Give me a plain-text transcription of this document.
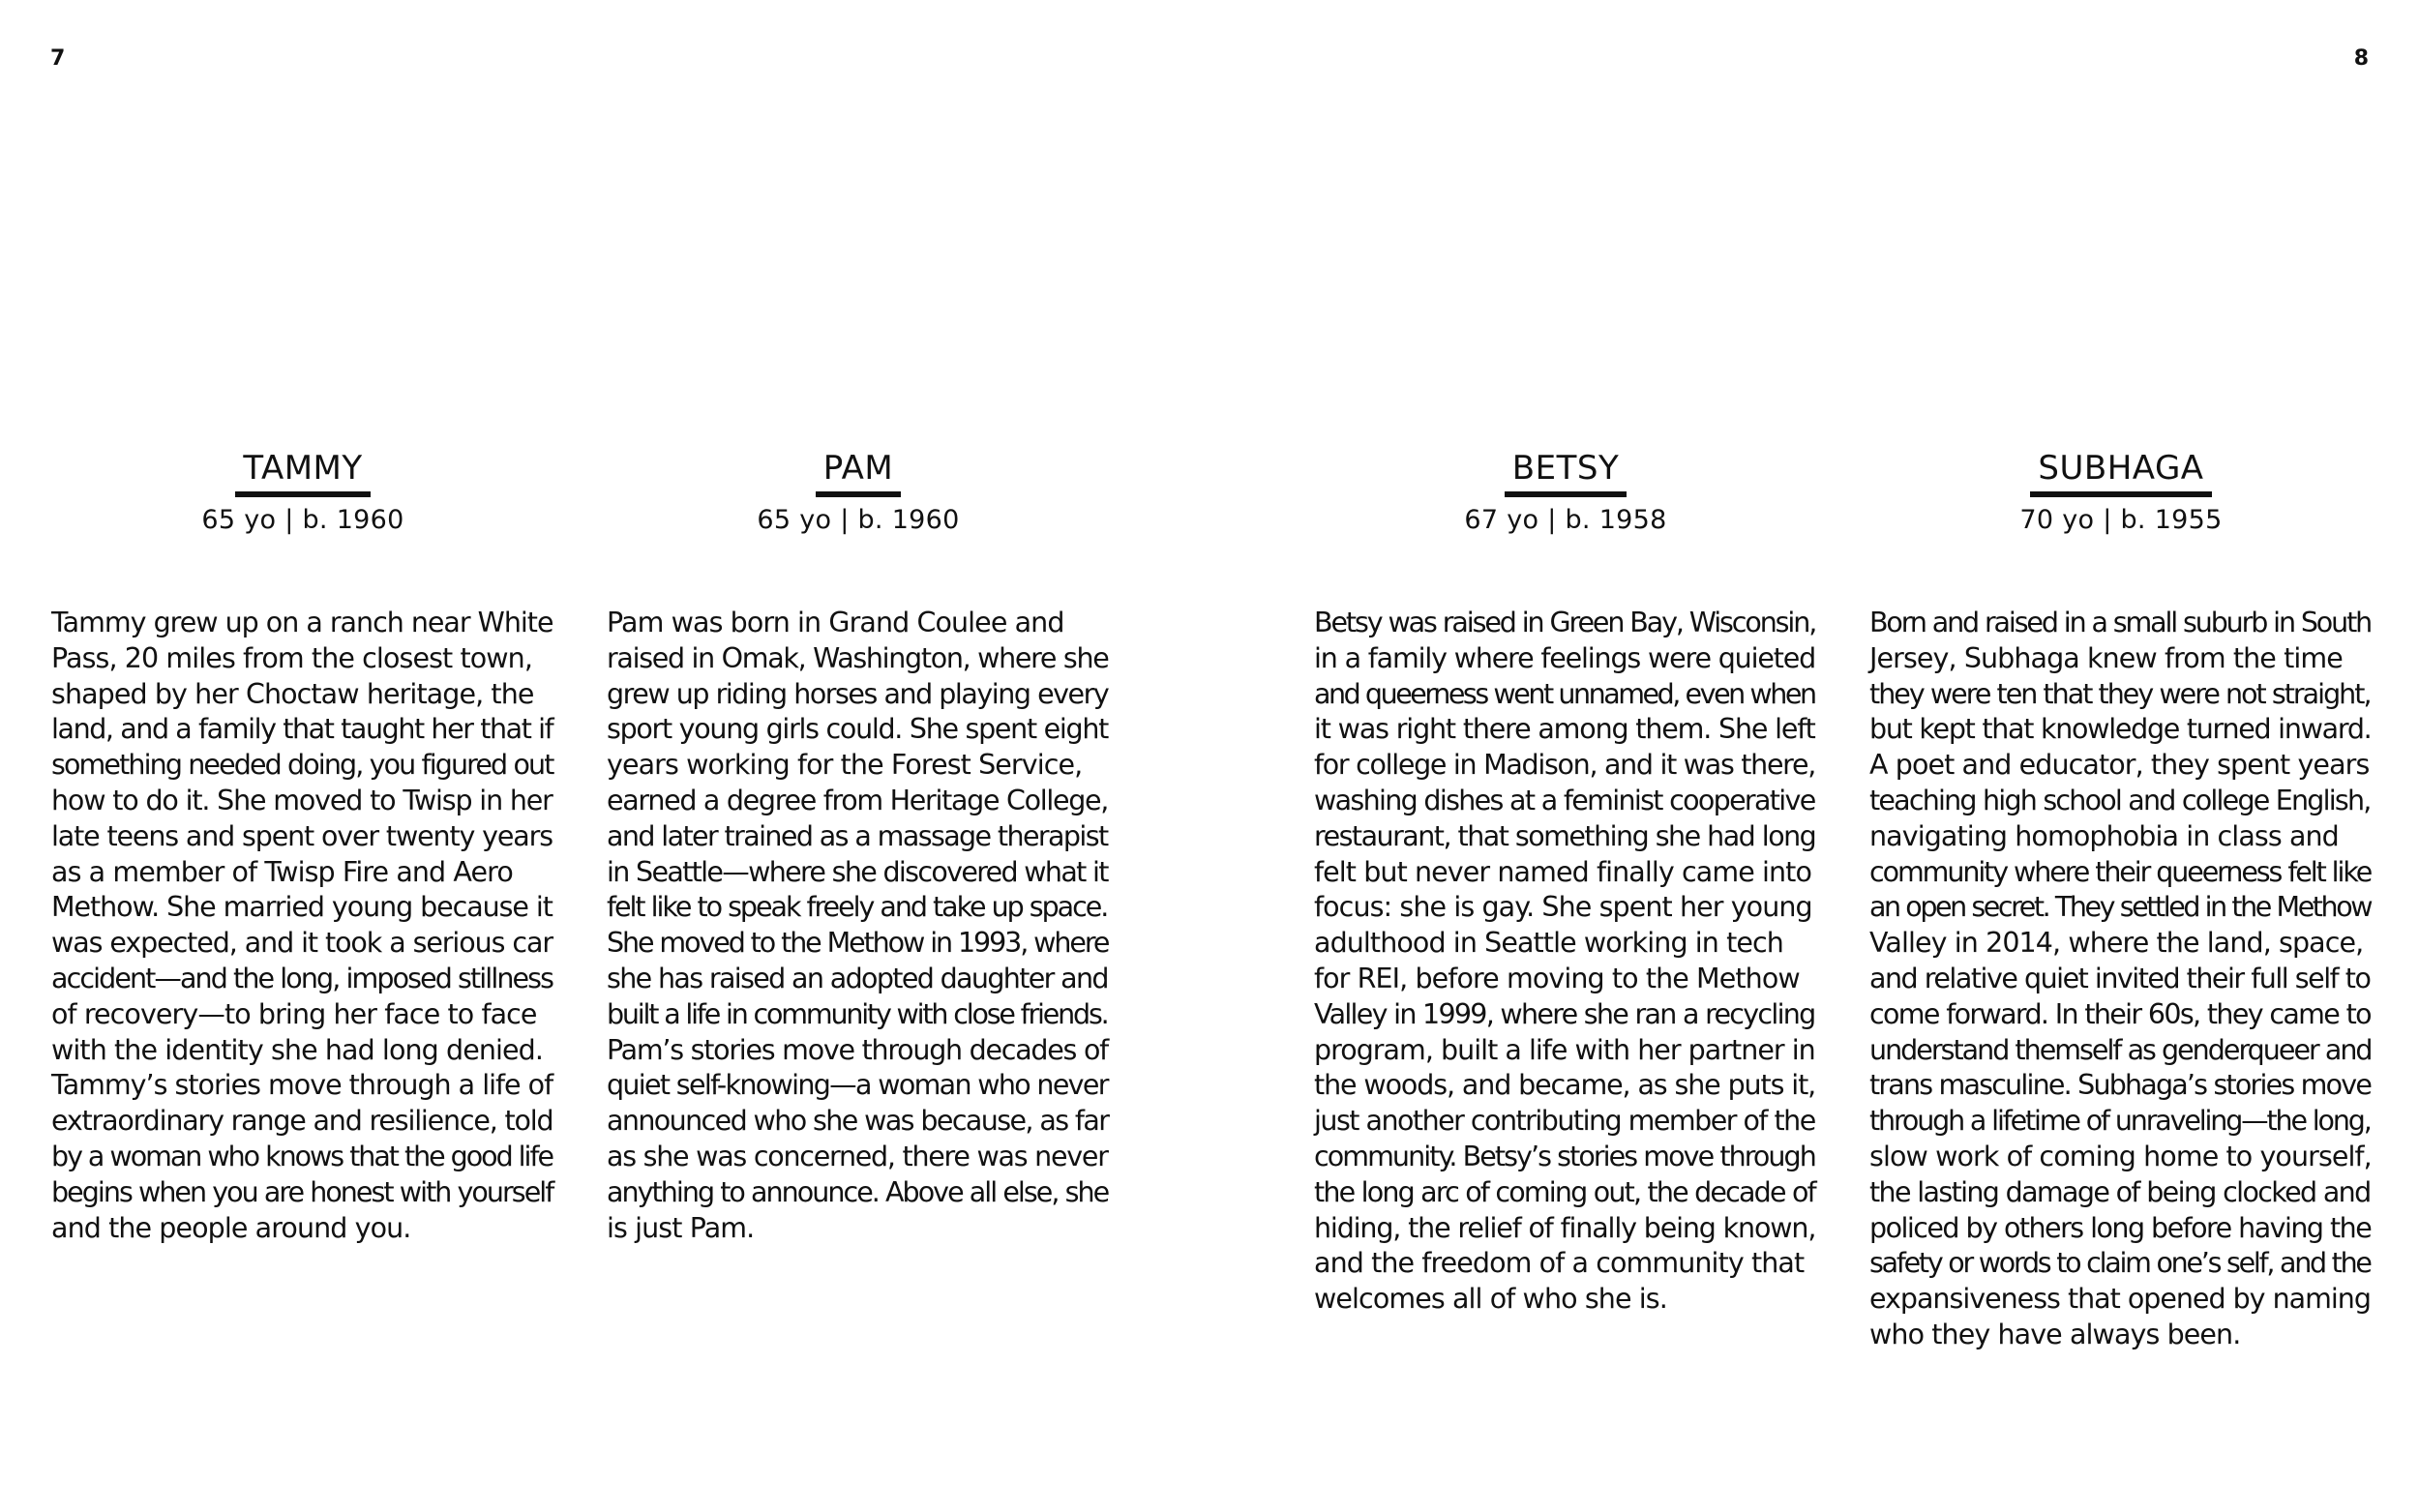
7	8
TAMMY
65 yo | b. 1960
Tammy grew up on a ranch near White
Pass, 20 miles from the closest town,
shaped by her Choctaw heritage, the
land, and a family that taught her that if
something needed doing, you figured out
how to do it. She moved to Twisp in her
late teens and spent over twenty years
as a member of Twisp Fire and Aero
Methow. She married young because it
was expected, and it took a serious car
accident—and the long, imposed stillness
of recovery—to bring her face to face
with the identity she had long denied.
Tammy’s stories move through a life of
extraordinary range and resilience, told
by a woman who knows that the good life
begins when you are honest with yourself
and the people around you.
PAM
65 yo | b. 1960
Pam was born in Grand Coulee and
raised in Omak, Washington, where she
grew up riding horses and playing every
sport young girls could. She spent eight
years working for the Forest Service,
earned a degree from Heritage College,
and later trained as a massage therapist
in Seattle—where she discovered what it
felt like to speak freely and take up space.
She moved to the Methow in 1993, where
she has raised an adopted daughter and
built a life in community with close friends.
Pam’s stories move through decades of
quiet self-knowing—a woman who never
announced who she was because, as far
as she was concerned, there was never
anything to announce. Above all else, she
is just Pam.
BETSY
67 yo | b. 1958
Betsy was raised in Green Bay, Wisconsin,
in a family where feelings were quieted
and queerness went unnamed, even when
it was right there among them. She left
for college in Madison, and it was there,
washing dishes at a feminist cooperative
restaurant, that something she had long
felt but never named finally came into
focus: she is gay. She spent her young
adulthood in Seattle working in tech
for REI, before moving to the Methow
Valley in 1999, where she ran a recycling
program, built a life with her partner in
the woods, and became, as she puts it,
just another contributing member of the
community. Betsy’s stories move through
the long arc of coming out, the decade of
hiding, the relief of finally being known,
and the freedom of a community that
welcomes all of who she is.
SUBHAGA
70 yo | b. 1955
Born and raised in a small suburb in South
Jersey, Subhaga knew from the time
they were ten that they were not straight,
but kept that knowledge turned inward.
A poet and educator, they spent years
teaching high school and college English,
navigating homophobia in class and
community where their queerness felt like
an open secret. They settled in the Methow
Valley in 2014, where the land, space,
and relative quiet invited their full self to
come forward. In their 60s, they came to
understand themself as genderqueer and
trans masculine. Subhaga’s stories move
through a lifetime of unraveling—the long,
slow work of coming home to yourself,
the lasting damage of being clocked and
policed by others long before having the
safety or words to claim one’s self, and the
expansiveness that opened by naming
who they have always been.
